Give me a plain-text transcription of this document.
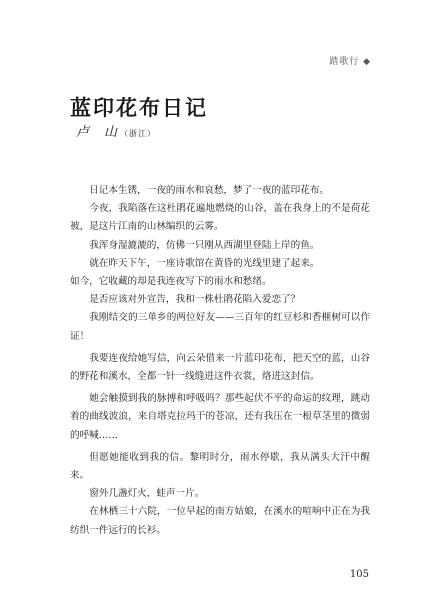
踏歌行 ◆
蓝印花布日记
卢　山 （浙江）

日记本生锈，一夜的雨水和哀愁，梦了一夜的蓝印花布。

今夜，我陷落在这杜鹃花遍地燃烧的山谷，盖在我身上的不是荷花被，是这片江南的山林编织的云雾。

我浑身湿漉漉的，仿佛一只刚从西湖里登陆上岸的鱼。

就在昨天下午，一座诗歌馆在黄昏的光线里建了起来。

如今，它收藏的却是我连夜写下的雨水和愁绪。

是否应该对外宣告，我和一株杜鹃花陷入爱恋了？

我刚结交的三单乡的两位好友——三百年的红豆杉和香榧树可以作证！

我要连夜给她写信，向云朵借来一片蓝印花布，把天空的蓝，山谷的野花和溪水，全都一针一线缝进这件衣裳，烙进这封信。

她会触摸到我的脉搏和呼吸吗？那些起伏不平的命运的纹理，跳动着的曲线波浪，来自塔克拉玛干的苍凉，还有我压在一根草茎里的微弱的呼喊……

但愿她能收到我的信。黎明时分，雨水停歇，我从满头大汗中醒来。

窗外几盏灯火，蛙声一片。

在林栖三十六院，一位早起的南方姑娘，在溪水的喧响中正在为我纺织一件远行的长衫。

105
